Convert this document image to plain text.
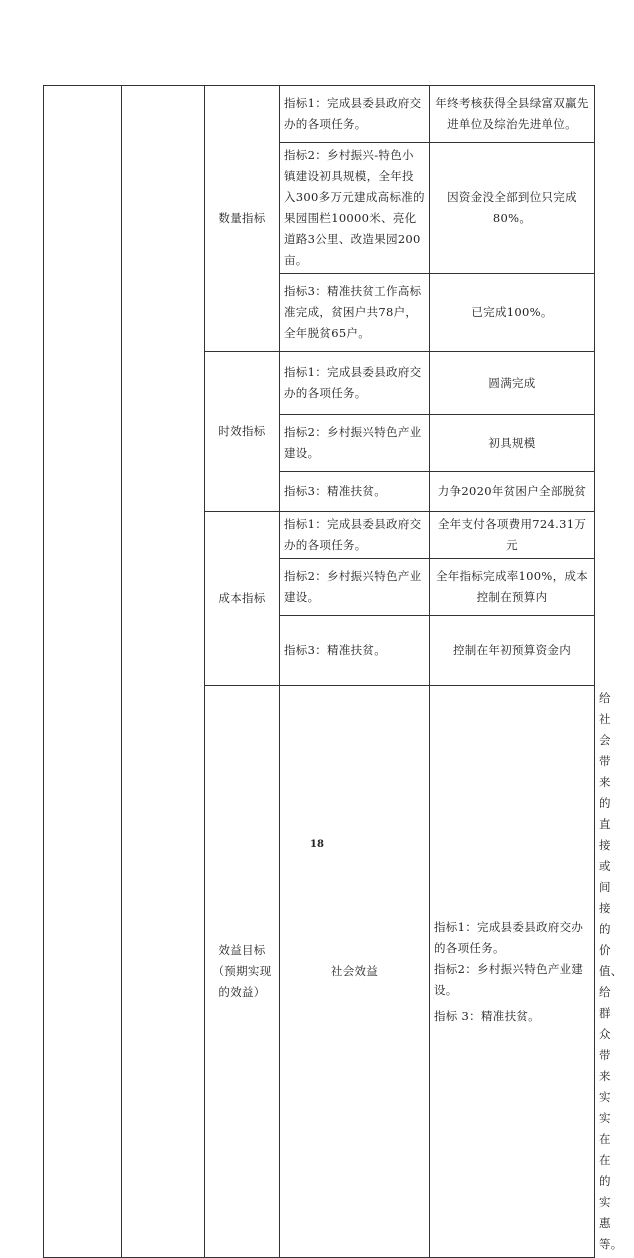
		数量指标	指标1：完成县委县政府交办的各项任务。	年终考核获得全县绿富双赢先进单位及综治先进单位。	
			指标2：乡村振兴-特色小镇建设初具规模，全年投入300多万元建成高标准的果园围栏10000米、亮化道路3公里、改造果园200亩。	因资金没全部到位只完成80%。	
			指标3：精准扶贫工作高标准完成，贫困户共78户，全年脱贫65户。	已完成100%。	
		时效指标	指标1：完成县委县政府交办的各项任务。	圆满完成	
			指标2：乡村振兴特色产业建设。	初具规模	
			指标3：精准扶贫。	力争2020年贫困户全部脱贫	
		成本指标	指标1：完成县委县政府交办的各项任务。	全年支付各项费用724.31万元	
			指标2：乡村振兴特色产业建设。	全年指标完成率100%，成本控制在预算内	
			指标3：精准扶贫。	控制在年初预算资金内	
		效益目标（预期实现的效益）	社会效益	指标1：完成县委县政府交办的各项任务。
指标2：乡村振兴特色产业建设。
指标 3：精准扶贫。	给社会带来的直接或间接的价值、给群众带来实实在在的实惠等。
18
